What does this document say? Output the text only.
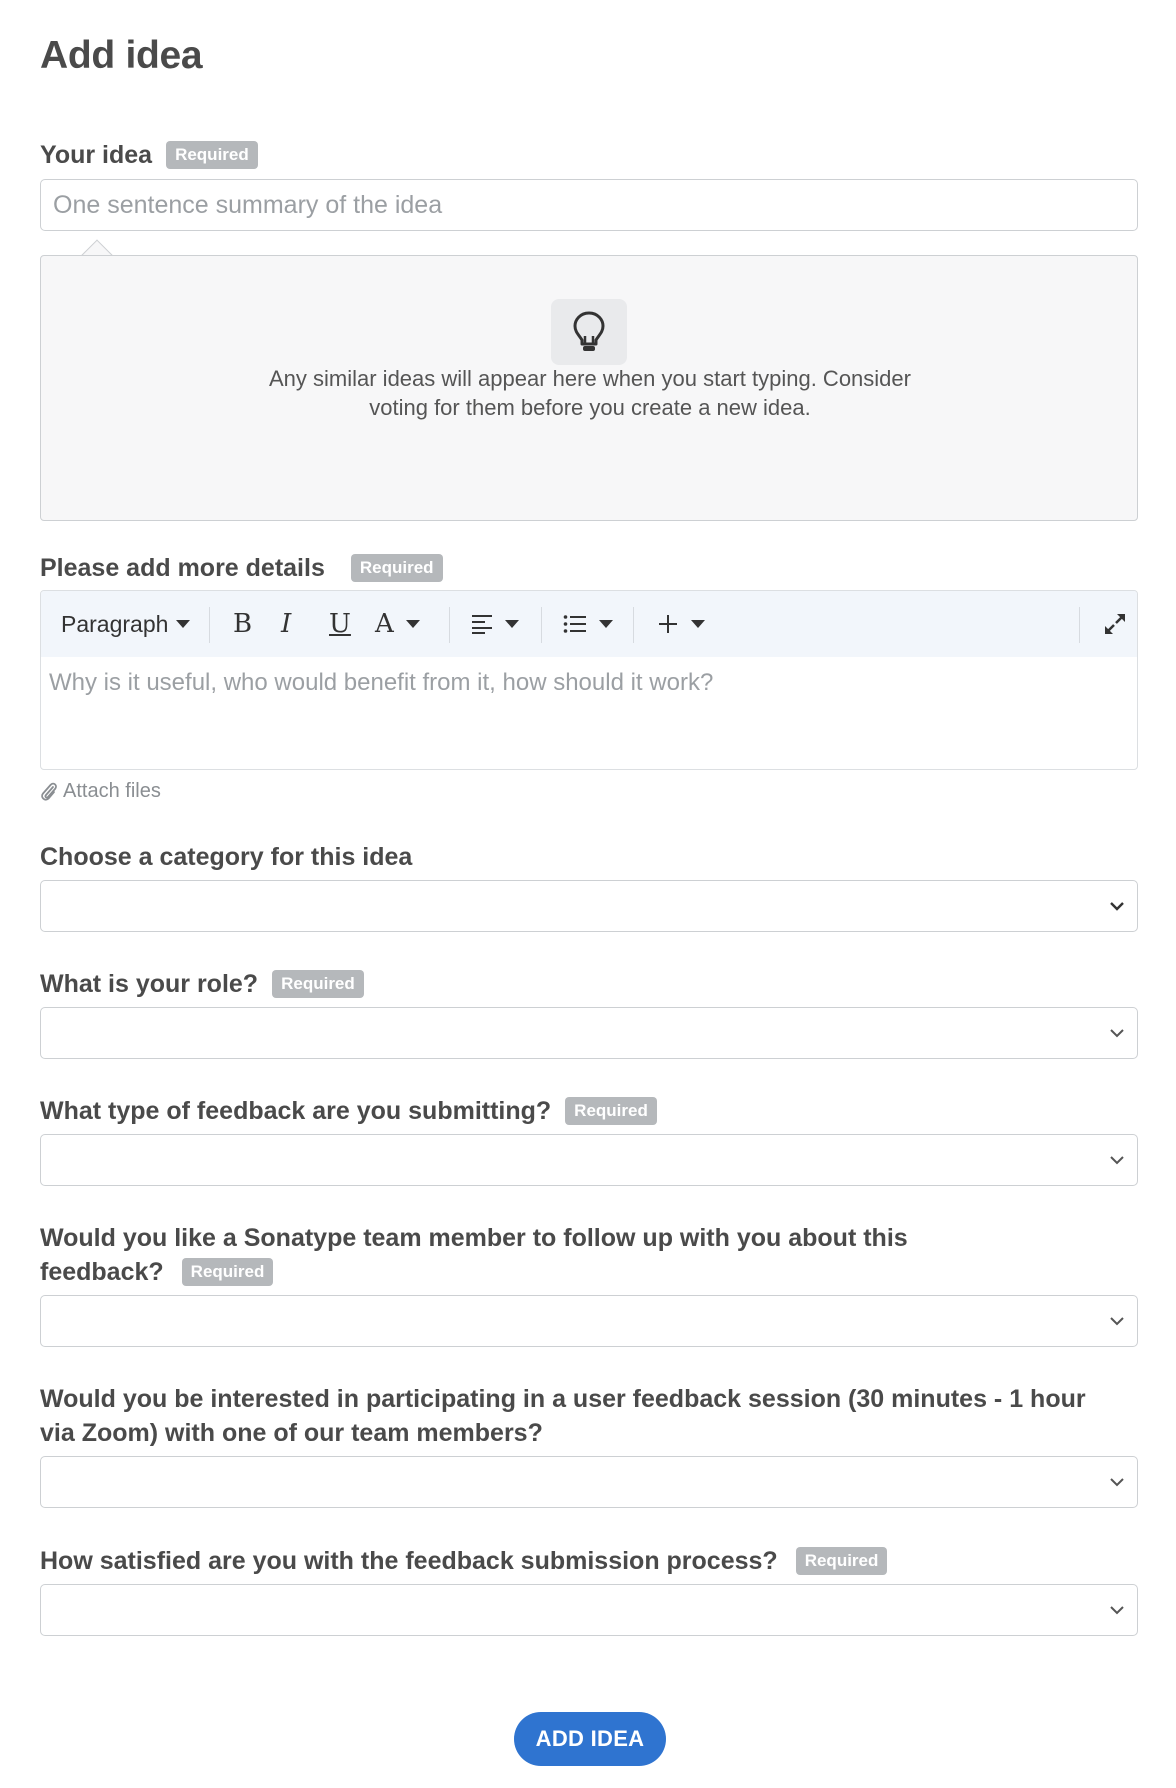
Add idea
Your idea Required
One sentence summary of the idea
Any similar ideas will appear here when you start typing. Consider
voting for them before you create a new idea.
Please add more details Required
Paragraph B I U A
Why is it useful, who would benefit from it, how should it work?
Attach files
Choose a category for this idea
What is your role? Required
What type of feedback are you submitting? Required
Would you like a Sonatype team member to follow up with you about this
feedback? Required
Would you be interested in participating in a user feedback session (30 minutes - 1 hour
via Zoom) with one of our team members?
How satisfied are you with the feedback submission process? Required
ADD IDEA
